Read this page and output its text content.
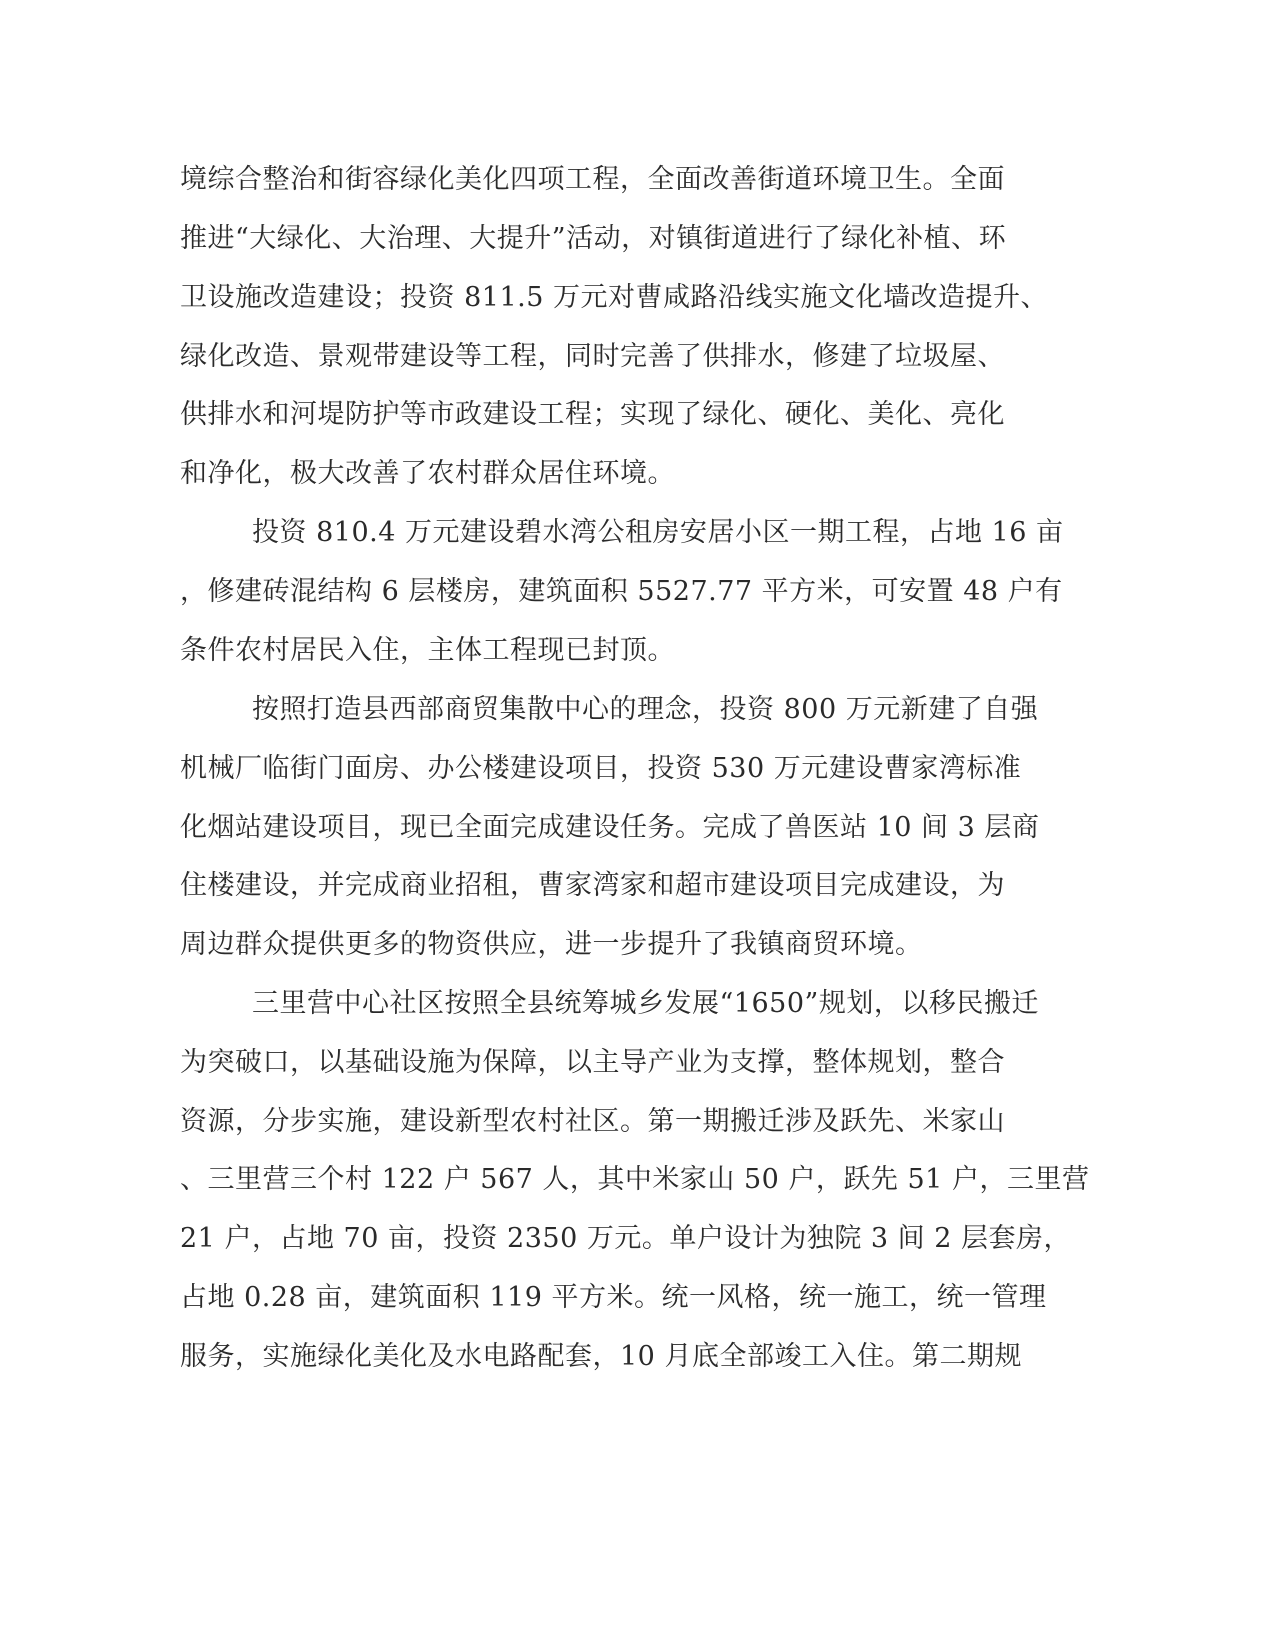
境综合整治和街容绿化美化四项工程，全面改善街道环境卫生。全面
推进“大绿化、大治理、大提升”活动，对镇街道进行了绿化补植、环
卫设施改造建设；投资 811.5 万元对曹咸路沿线实施文化墙改造提升、
绿化改造、景观带建设等工程，同时完善了供排水，修建了垃圾屋、
供排水和河堤防护等市政建设工程；实现了绿化、硬化、美化、亮化
和净化，极大改善了农村群众居住环境。
投资 810.4 万元建设碧水湾公租房安居小区一期工程，占地 16 亩
，修建砖混结构 6 层楼房，建筑面积 5527.77 平方米，可安置 48 户有
条件农村居民入住，主体工程现已封顶。
按照打造县西部商贸集散中心的理念，投资 800 万元新建了自强
机械厂临街门面房、办公楼建设项目，投资 530 万元建设曹家湾标准
化烟站建设项目，现已全面完成建设任务。完成了兽医站 10 间 3 层商
住楼建设，并完成商业招租，曹家湾家和超市建设项目完成建设，为
周边群众提供更多的物资供应，进一步提升了我镇商贸环境。
三里营中心社区按照全县统筹城乡发展“1650”规划，以移民搬迁
为突破口，以基础设施为保障，以主导产业为支撑，整体规划，整合
资源，分步实施，建设新型农村社区。第一期搬迁涉及跃先、米家山
、三里营三个村 122 户 567 人，其中米家山 50 户，跃先 51 户，三里营
21 户，占地 70 亩，投资 2350 万元。单户设计为独院 3 间 2 层套房，
占地 0.28 亩，建筑面积 119 平方米。统一风格，统一施工，统一管理
服务，实施绿化美化及水电路配套，10 月底全部竣工入住。第二期规
